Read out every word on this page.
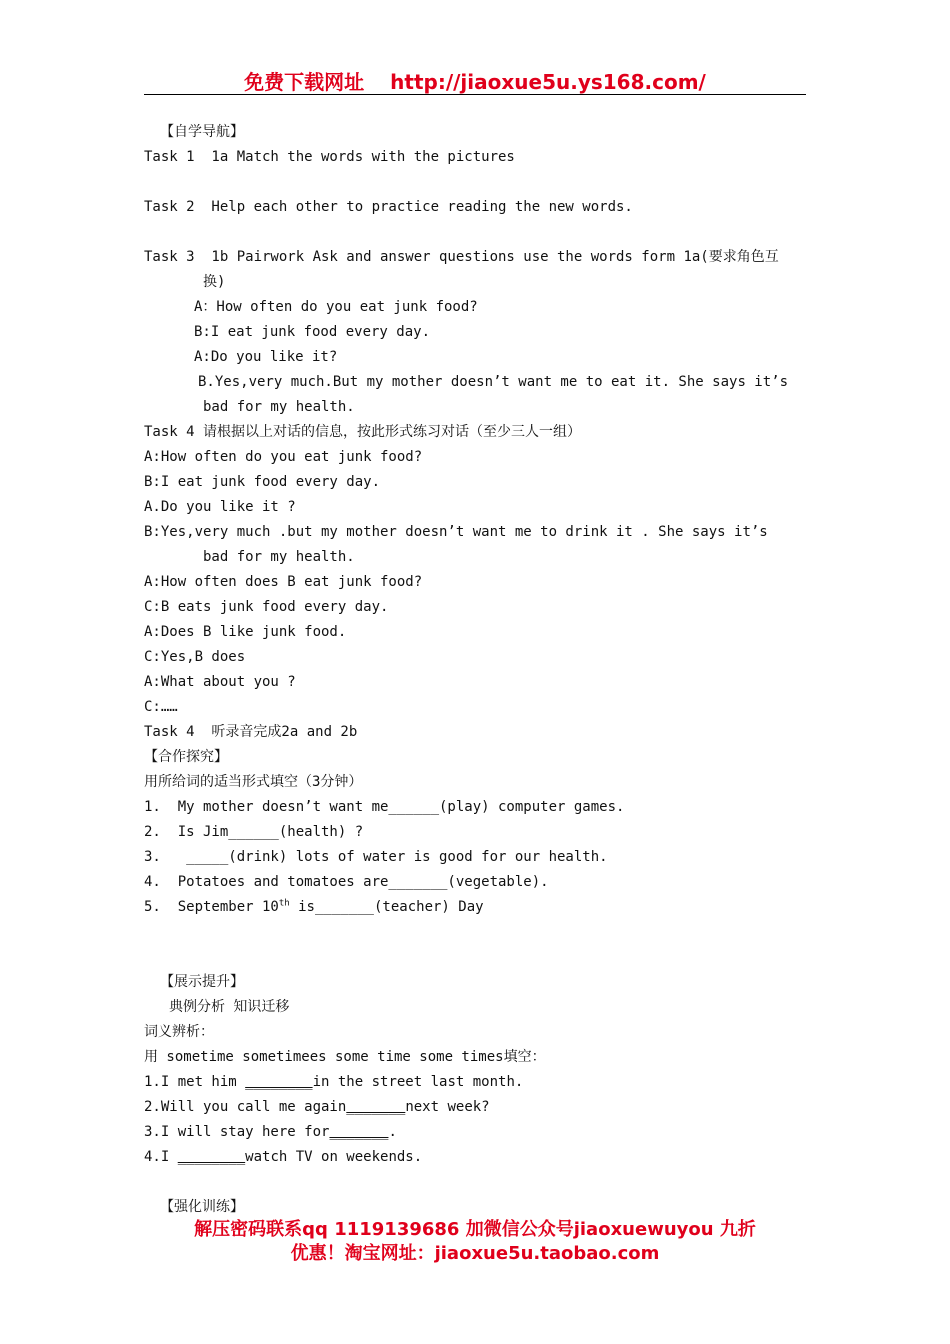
免费下载网址 http://jiaoxue5u.ys168.com/
【自学导航】
Task 1  1a Match the words with the pictures
Task 2  Help each other to practice reading the new words.
Task 3  1b Pairwork Ask and answer questions use the words form 1a(要求角色互
换)
A：How often do you eat junk food?
B:I eat junk food every day.
A:Do you like it?
B.Yes,very much.But my mother doesn’t want me to eat it. She says it’s
bad for my health.
Task 4 请根据以上对话的信息，按此形式练习对话（至少三人一组）
A:How often do you eat junk food?
B:I eat junk food every day.
A.Do you like it ?
B:Yes,very much .but my mother doesn’t want me to drink it . She says it’s
bad for my health.
A:How often does B eat junk food?
C:B eats junk food every day.
A:Does B like junk food.
C:Yes,B does
A:What about you ?
C:……
Task 4  听录音完成2a and 2b
【合作探究】
用所给词的适当形式填空（3分钟）
1.  My mother doesn’t want me______(play) computer games.
2.  Is Jim______(health) ?
3.   _____(drink) lots of water is good for our health.
4.  Potatoes and tomatoes are_______(vegetable).
5.  September 10th is_______(teacher) Day
【展示提升】
典例分析 知识迁移
词义辨析：
用 sometime sometimees some time some times填空：
1.I met him ________in the street last month.
2.Will you call me again_______next week?
3.I will stay here for_______.
4.I ________watch TV on weekends.
【强化训练】
解压密码联系qq 1119139686 加微信公众号jiaoxuewuyou 九折
优惠！淘宝网址：jiaoxue5u.taobao.com
